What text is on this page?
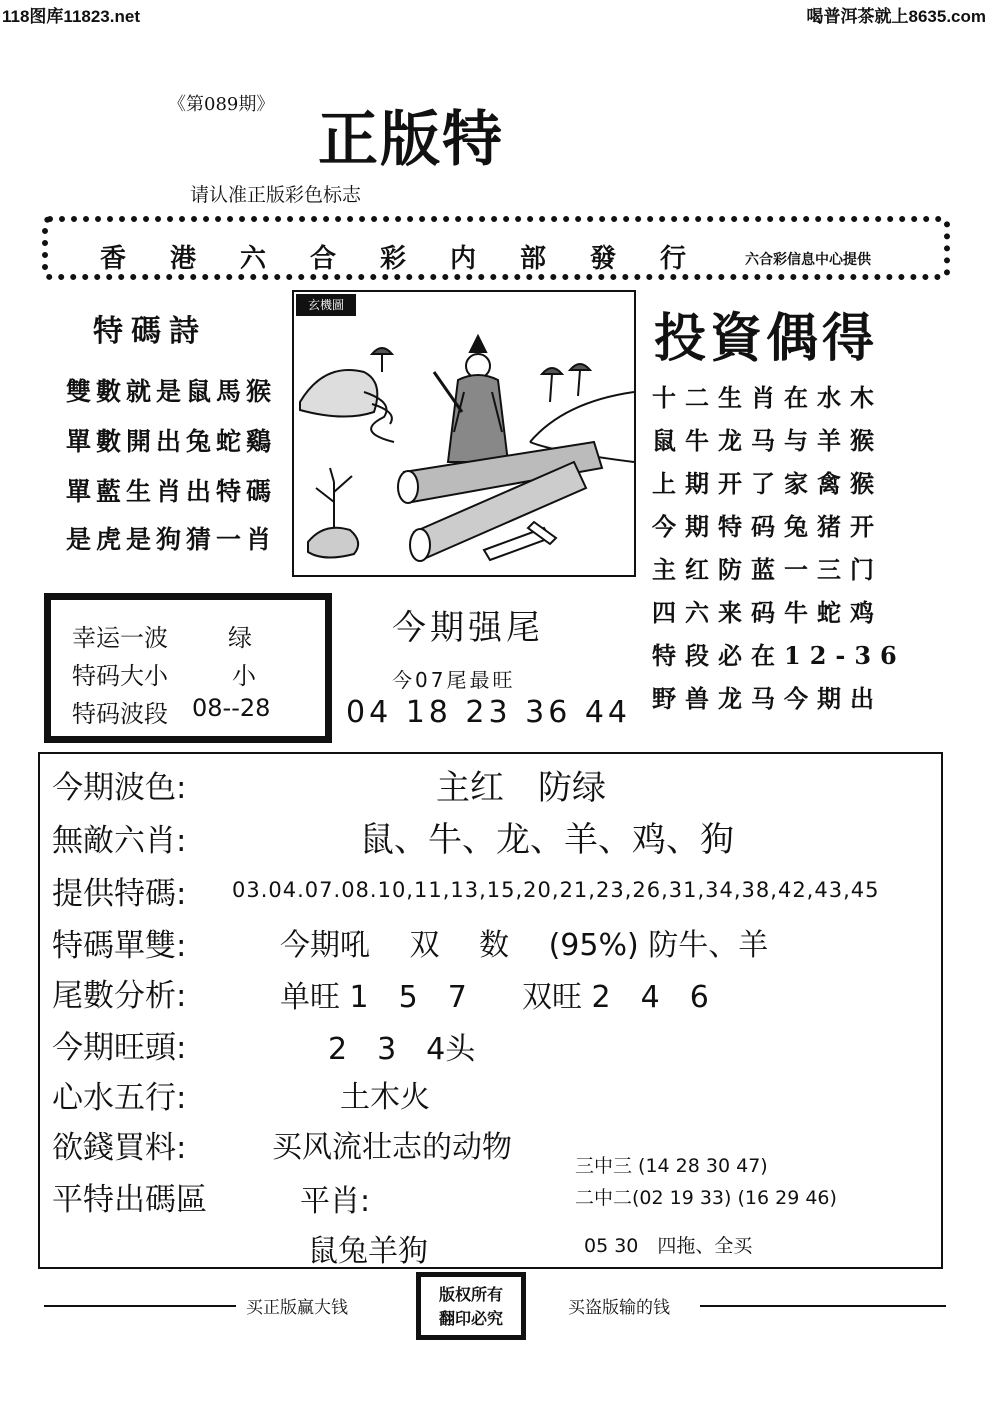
118图库11823.net	喝普洱茶就上8635.com
《第089期》
正版特
请认准正版彩色标志
香港六合彩内部發行 六合彩信息中心提供
特碼詩
雙數就是鼠馬猴
單數開出兔蛇鷄
單藍生肖出特碼
是虎是狗猜一肖
玄機圖
投資偶得
十二生肖在水木
鼠牛龙马与羊猴
上期开了家禽猴
今期特码兔猪开
主红防蓝一三门
四六来码牛蛇鸡
特段必在12-36
野兽龙马今期出
幸运一波	绿
特码大小	小
特码波段 08--28
今期强尾
今07尾最旺
04 18 23 36 44
今期波色:	主红　防绿
無敵六肖:	鼠、牛、龙、羊、鸡、狗
提供特碼: 03.04.07.08.10,11,13,15,20,21,23,26,31,34,38,42,43,45
特碼單雙:	今期吼　 双　 数　 (95%) 防牛、羊
尾數分析:	单旺 1　5　7 双旺 2　4　6
今期旺頭:	2　3　4头
心水五行:	土木火
欲錢買料:	买风流壮志的动物
平特出碼區	平肖:
鼠兔羊狗
三中三 (14 28 30 47)
二中二(02 19 33) (16 29 46)
05 30　四拖、全买
买正版赢大钱
版权所有
翻印必究
买盗版输的钱
